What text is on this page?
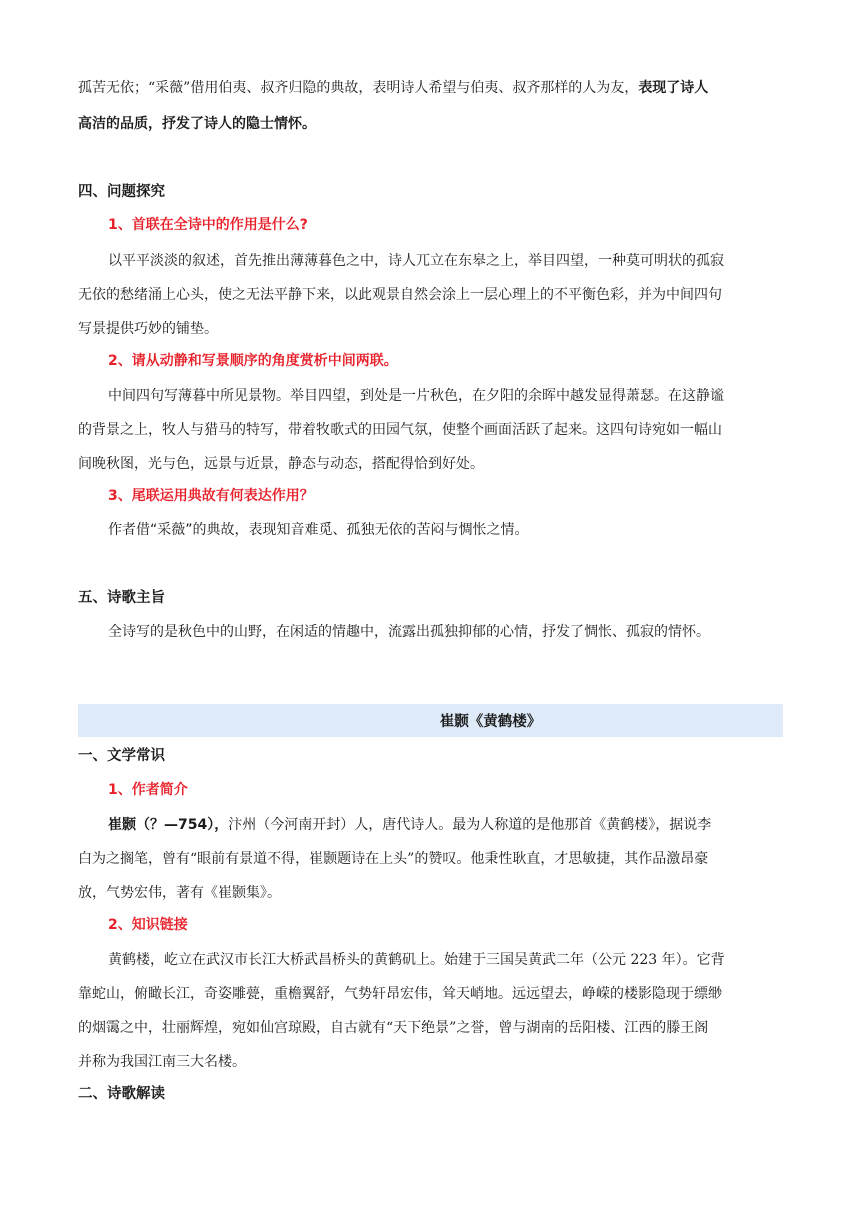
孤苦无依；“采薇”借用伯夷、叔齐归隐的典故，表明诗人希望与伯夷、叔齐那样的人为友，表现了诗人
高洁的品质，抒发了诗人的隐士情怀。
四、问题探究
1、首联在全诗中的作用是什么?
以平平淡淡的叙述，首先推出薄薄暮色之中，诗人兀立在东皋之上，举目四望，一种莫可明状的孤寂
无依的愁绪涌上心头，使之无法平静下来，以此观景自然会涂上一层心理上的不平衡色彩，并为中间四句
写景提供巧妙的铺垫。
2、请从动静和写景顺序的角度赏析中间两联。
中间四句写薄暮中所见景物。举目四望，到处是一片秋色，在夕阳的余晖中越发显得萧瑟。在这静谧
的背景之上，牧人与猎马的特写，带着牧歌式的田园气氛，使整个画面活跃了起来。这四句诗宛如一幅山
间晚秋图，光与色，远景与近景，静态与动态，搭配得恰到好处。
3、尾联运用典故有何表达作用？
作者借“采薇”的典故，表现知音难觅、孤独无依的苦闷与惆怅之情。
五、诗歌主旨
全诗写的是秋色中的山野，在闲适的情趣中，流露出孤独抑郁的心情，抒发了惆怅、孤寂的情怀。
崔颢《黄鹤楼》
一、文学常识
1、作者简介
崔颢（？—754），汴州（今河南开封）人，唐代诗人。最为人称道的是他那首《黄鹤楼》，据说李
白为之搁笔，曾有“眼前有景道不得，崔颢题诗在上头”的赞叹。他秉性耿直，才思敏捷，其作品激昂豪
放，气势宏伟，著有《崔颢集》。
2、知识链接
黄鹤楼，屹立在武汉市长江大桥武昌桥头的黄鹤矶上。始建于三国吴黄武二年（公元 223 年）。它背
靠蛇山，俯瞰长江，奇姿雕甍，重檐翼舒，气势轩昂宏伟，耸天峭地。远远望去，峥嵘的楼影隐现于缥缈
的烟霭之中，壮丽辉煌，宛如仙宫琼殿，自古就有“天下绝景”之誉，曾与湖南的岳阳楼、江西的滕王阁
并称为我国江南三大名楼。
二、诗歌解读
